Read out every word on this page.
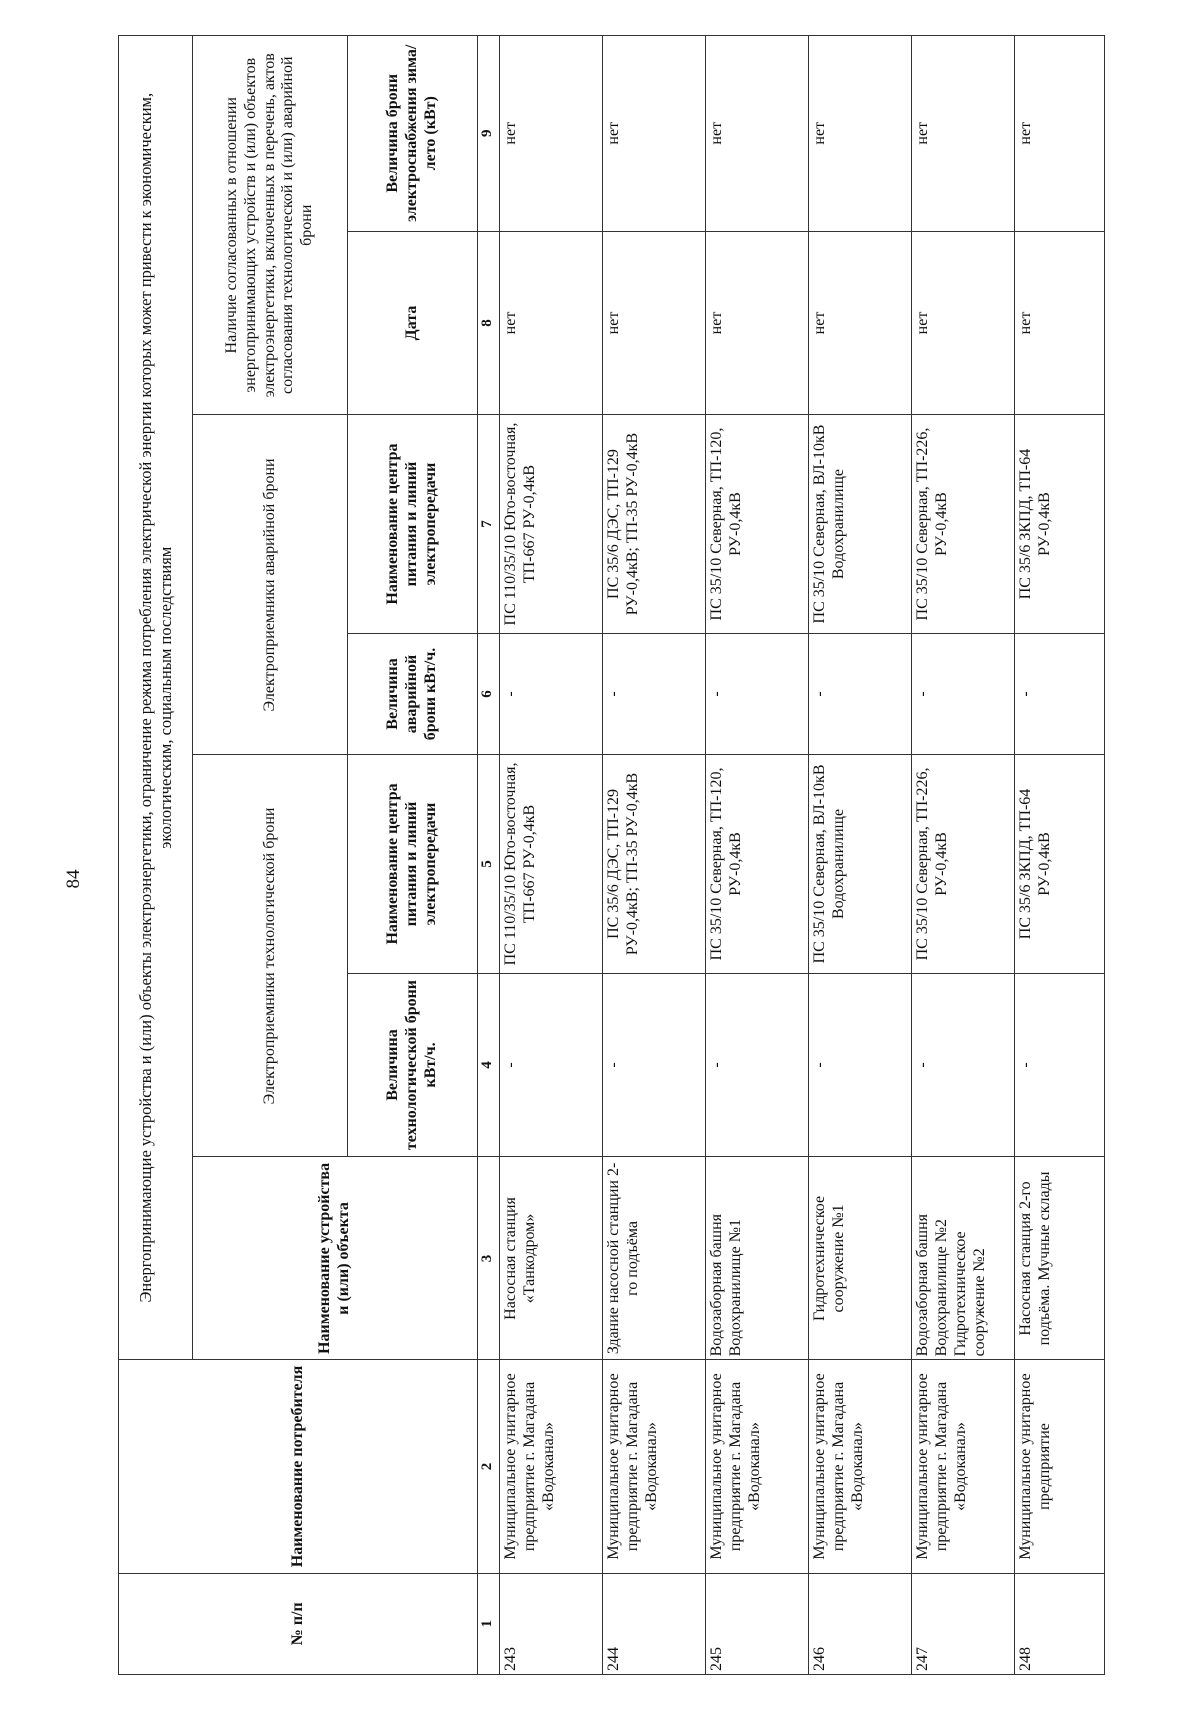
84
№ п/п	Наименование потребителя	Энергопринимающие устройства и (или) объекты электроэнергетики, ограничение режима потребления электрической энергии которых может привести к экономическим, экологическим, социальным последствиям						
		Наименование устройства и (или) объекта	Электроприемники технологической брони		Электроприемники аварийной брони		Наличие согласованных в отношении энергопринимающих устройств и (или) объектов электроэнергетики, включенных в перечень, актов согласования технологической и (или) аварийной брони	
			Величина технологической брони кВт/ч.	Наименование центра питания и линий электропередачи	Величина аварийной брони кВт/ч.	Наименование центра питания и линий электропередачи	Дата	Величина брони электроснабжения зима/лето (кВт)
1	2	3	4	5	6	7	8	9
243	Муниципальное унитарное предприятие г. Магадана «Водоканал»	Насосная станция «Танкодром»	-	ПС 110/35/10 Юго-восточная, ТП-667 РУ-0,4кВ	-	ПС 110/35/10 Юго-восточная, ТП-667 РУ-0,4кВ	нет	нет
244	Муниципальное унитарное предприятие г. Магадана «Водоканал»	Здание насосной станции 2-го подъёма	-	ПС 35/6 ДЭС, ТП-129 РУ-0,4кВ; ТП-35 РУ-0,4кВ	-	ПС 35/6 ДЭС, ТП-129 РУ-0,4кВ; ТП-35 РУ-0,4кВ	нет	нет
245	Муниципальное унитарное предприятие г. Магадана «Водоканал»	Водозаборная башня Водохранилище №1	-	ПС 35/10 Северная, ТП-120, РУ-0,4кВ	-	ПС 35/10 Северная, ТП-120, РУ-0,4кВ	нет	нет
246	Муниципальное унитарное предприятие г. Магадана «Водоканал»	Гидротехническое сооружение №1	-	ПС 35/10 Северная, ВЛ-10кВ Водохранилище	-	ПС 35/10 Северная, ВЛ-10кВ Водохранилище	нет	нет
247	Муниципальное унитарное предприятие г. Магадана «Водоканал»	Водозаборная башня Водохранилище №2 Гидротехническое сооружение №2	-	ПС 35/10 Северная, ТП-226, РУ-0,4кВ	-	ПС 35/10 Северная, ТП-226, РУ-0,4кВ	нет	нет
248	Муниципальное унитарное предприятие	Насосная станция 2-го подъёма. Мучные склады	-	ПС 35/6 ЗКПД, ТП-64 РУ-0,4кВ	-	ПС 35/6 ЗКПД, ТП-64 РУ-0,4кВ	нет	нет
